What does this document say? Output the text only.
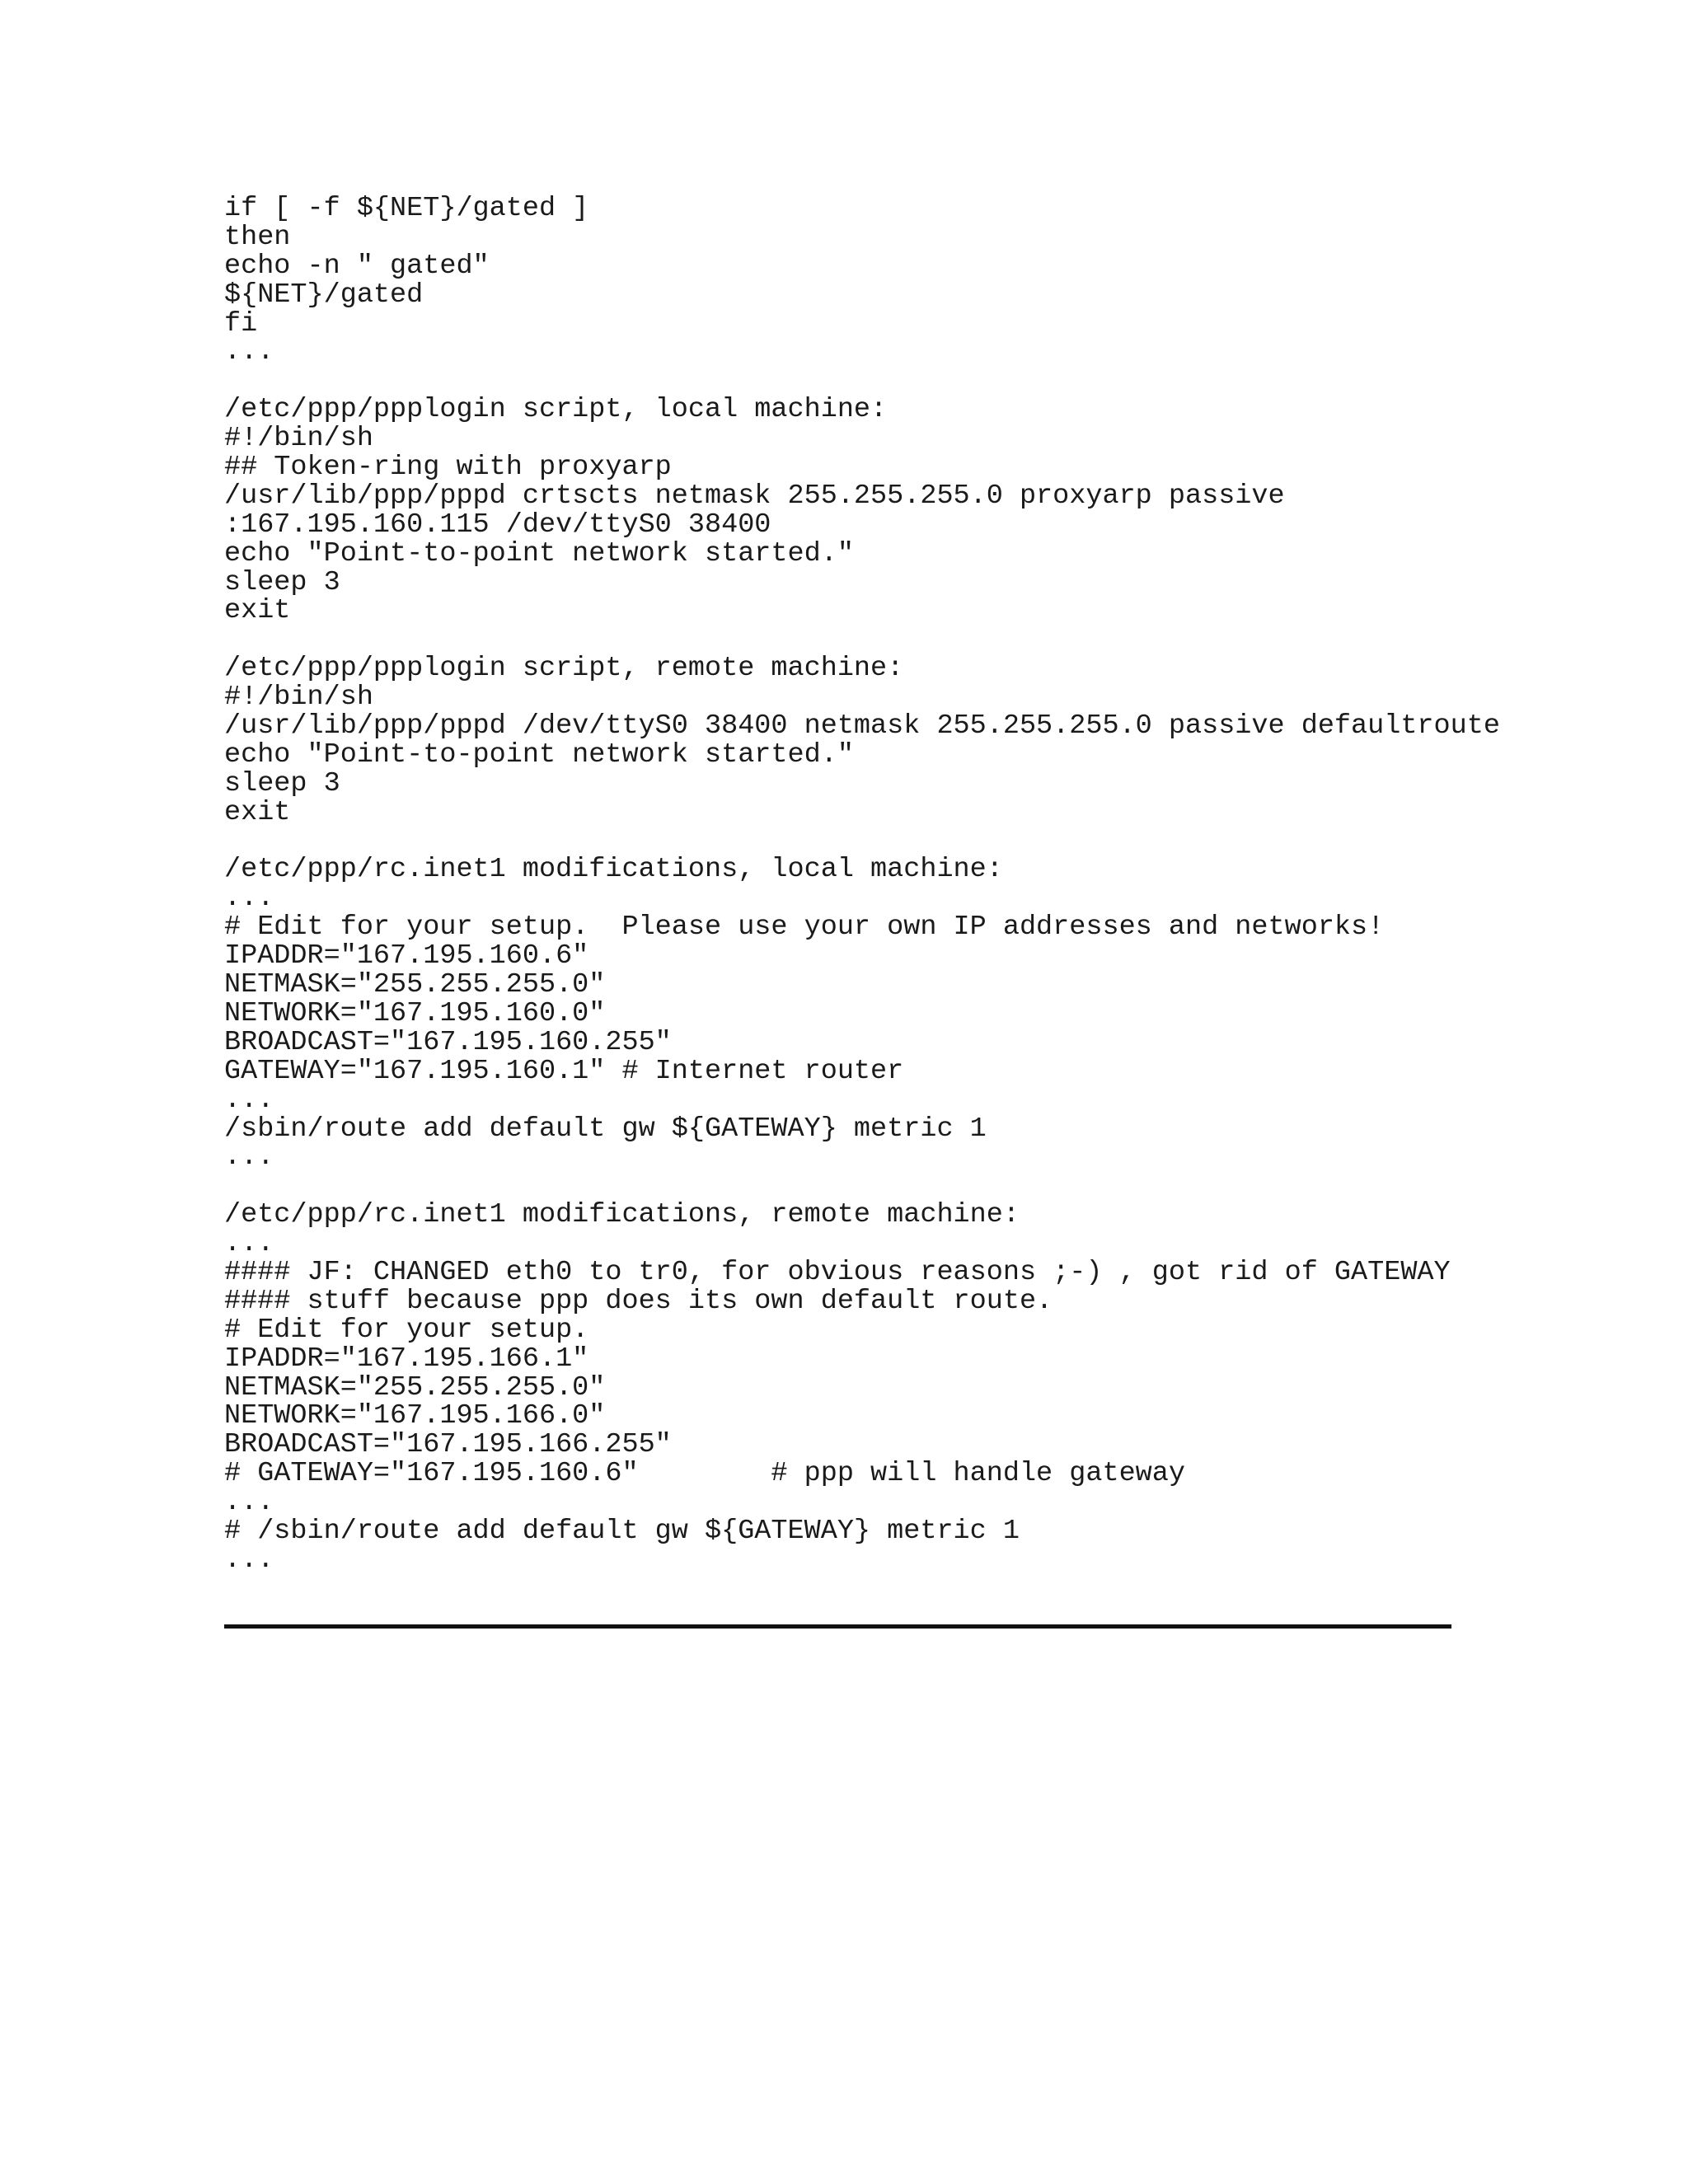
if [ -f ${NET}/gated ]
then
echo -n " gated"
${NET}/gated
fi
...
/etc/ppp/ppplogin script, local machine:
#!/bin/sh
## Token-ring with proxyarp
/usr/lib/ppp/pppd crtscts netmask 255.255.255.0 proxyarp passive
:167.195.160.115 /dev/ttyS0 38400
echo "Point-to-point network started."
sleep 3
exit
/etc/ppp/ppplogin script, remote machine:
#!/bin/sh
/usr/lib/ppp/pppd /dev/ttyS0 38400 netmask 255.255.255.0 passive defaultroute
echo "Point-to-point network started."
sleep 3
exit
/etc/ppp/rc.inet1 modifications, local machine:
...
# Edit for your setup.  Please use your own IP addresses and networks!
IPADDR="167.195.160.6"
NETMASK="255.255.255.0"
NETWORK="167.195.160.0"
BROADCAST="167.195.160.255"
GATEWAY="167.195.160.1" # Internet router
...
/sbin/route add default gw ${GATEWAY} metric 1
...
/etc/ppp/rc.inet1 modifications, remote machine:
...
#### JF: CHANGED eth0 to tr0, for obvious reasons ;-) , got rid of GATEWAY
#### stuff because ppp does its own default route.
# Edit for your setup.
IPADDR="167.195.166.1"
NETMASK="255.255.255.0"
NETWORK="167.195.166.0"
BROADCAST="167.195.166.255"
# GATEWAY="167.195.160.6"        # ppp will handle gateway
...
# /sbin/route add default gw ${GATEWAY} metric 1
...
